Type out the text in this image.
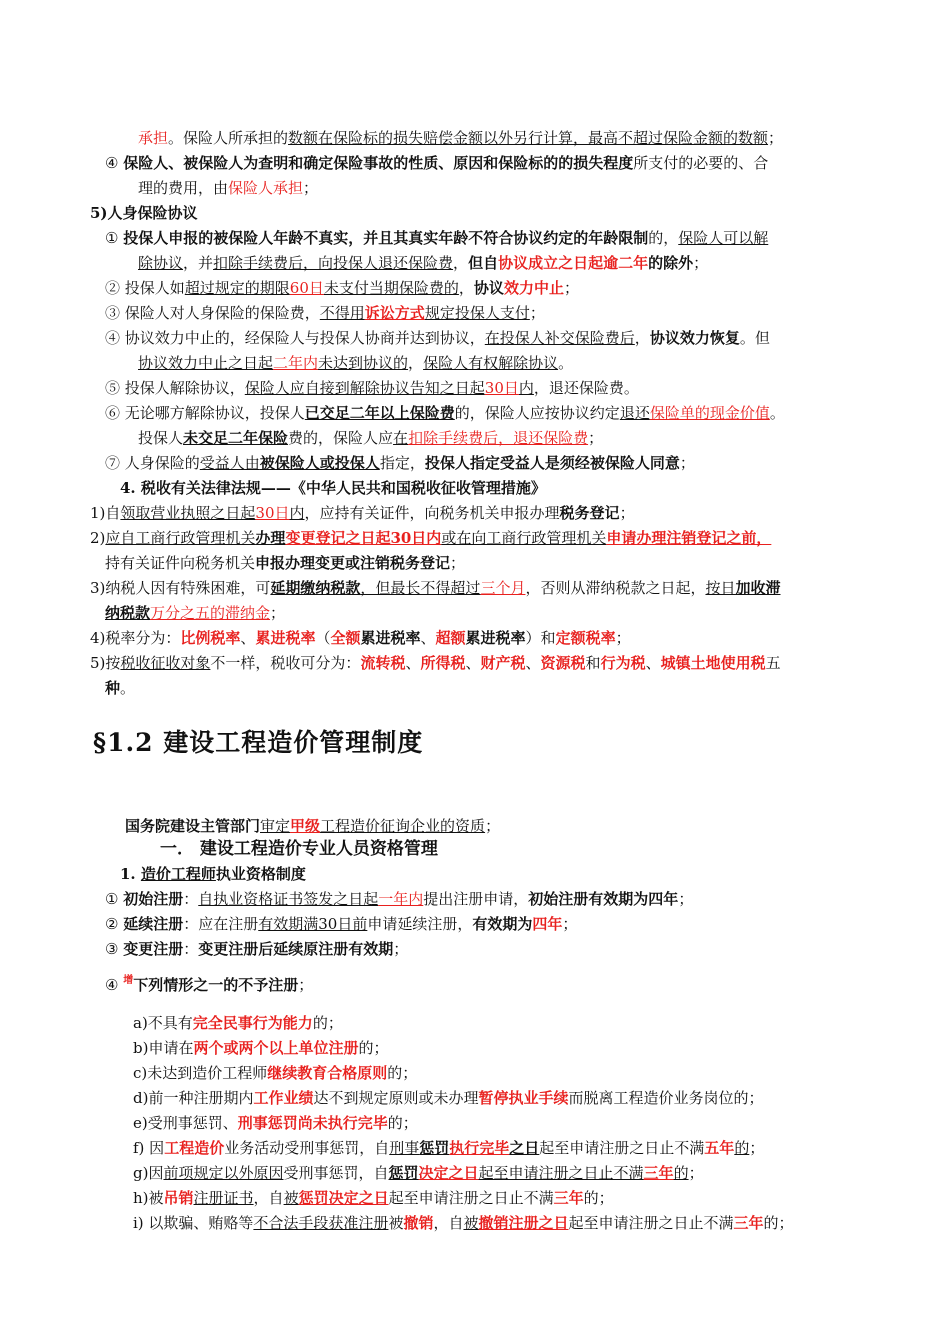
承担。保险人所承担的数额在保险标的损失赔偿金额以外另行计算，最高不超过保险金额的数额；
④ 保险人、被保险人为查明和确定保险事故的性质、原因和保险标的的损失程度所支付的必要的、合
理的费用，由保险人承担；
5)人身保险协议
① 投保人申报的被保险人年龄不真实，并且其真实年龄不符合协议约定的年龄限制的，保险人可以解
除协议，并扣除手续费后，向投保人退还保险费，但自协议成立之日起逾二年的除外；
② 投保人如超过规定的期限60日未支付当期保险费的，协议效力中止；
③ 保险人对人身保险的保险费，不得用诉讼方式规定投保人支付；
④ 协议效力中止的，经保险人与投保人协商并达到协议，在投保人补交保险费后，协议效力恢复。但
协议效力中止之日起二年内未达到协议的，保险人有权解除协议。
⑤ 投保人解除协议，保险人应自接到解除协议告知之日起30日内，退还保险费。
⑥ 无论哪方解除协议，投保人已交足二年以上保险费的，保险人应按协议约定退还保险单的现金价值。
投保人未交足二年保险费的，保险人应在扣除手续费后，退还保险费；
⑦ 人身保险的受益人由被保险人或投保人指定，投保人指定受益人是须经被保险人同意；
4. 税收有关法律法规——《中华人民共和国税收征收管理措施》
1)自领取营业执照之日起30日内，应持有关证件，向税务机关申报办理税务登记；
2)应自工商行政管理机关办理变更登记之日起30日内或在向工商行政管理机关申请办理注销登记之前，
持有关证件向税务机关申报办理变更或注销税务登记；
3)纳税人因有特殊困难，可延期缴纳税款，但最长不得超过三个月，否则从滞纳税款之日起，按日加收滞
纳税款万分之五的滞纳金；
4)税率分为：比例税率、累进税率（全额累进税率、超额累进税率）和定额税率；
5)按税收征收对象不一样，税收可分为：流转税、所得税、财产税、资源税和行为税、城镇土地使用税五
种。
§1.2 建设工程造价管理制度
国务院建设主管部门审定甲级工程造价征询企业的资质；
一． 建设工程造价专业人员资格管理
1. 造价工程师执业资格制度
① 初始注册：自执业资格证书签发之日起一年内提出注册申请，初始注册有效期为四年；
② 延续注册：应在注册有效期满30日前申请延续注册，有效期为四年；
③ 变更注册：变更注册后延续原注册有效期；
④ $^增$下列情形之一的不予注册；
a)不具有完全民事行为能力的；
b)申请在两个或两个以上单位注册的；
c)未达到造价工程师继续教育合格原则的；
d)前一种注册期内工作业绩达不到规定原则或未办理暂停执业手续而脱离工程造价业务岗位的；
e)受刑事惩罚、刑事惩罚尚未执行完毕的；
f) 因工程造价业务活动受刑事惩罚，自刑事惩罚执行完毕之日起至申请注册之日止不满五年的；
g)因前项规定以外原因受刑事惩罚，自惩罚决定之日起至申请注册之日止不满三年的；
h)被吊销注册证书，自被惩罚决定之日起至申请注册之日止不满三年的；
i) 以欺骗、贿赂等不合法手段获准注册被撤销，自被撤销注册之日起至申请注册之日止不满三年的；
